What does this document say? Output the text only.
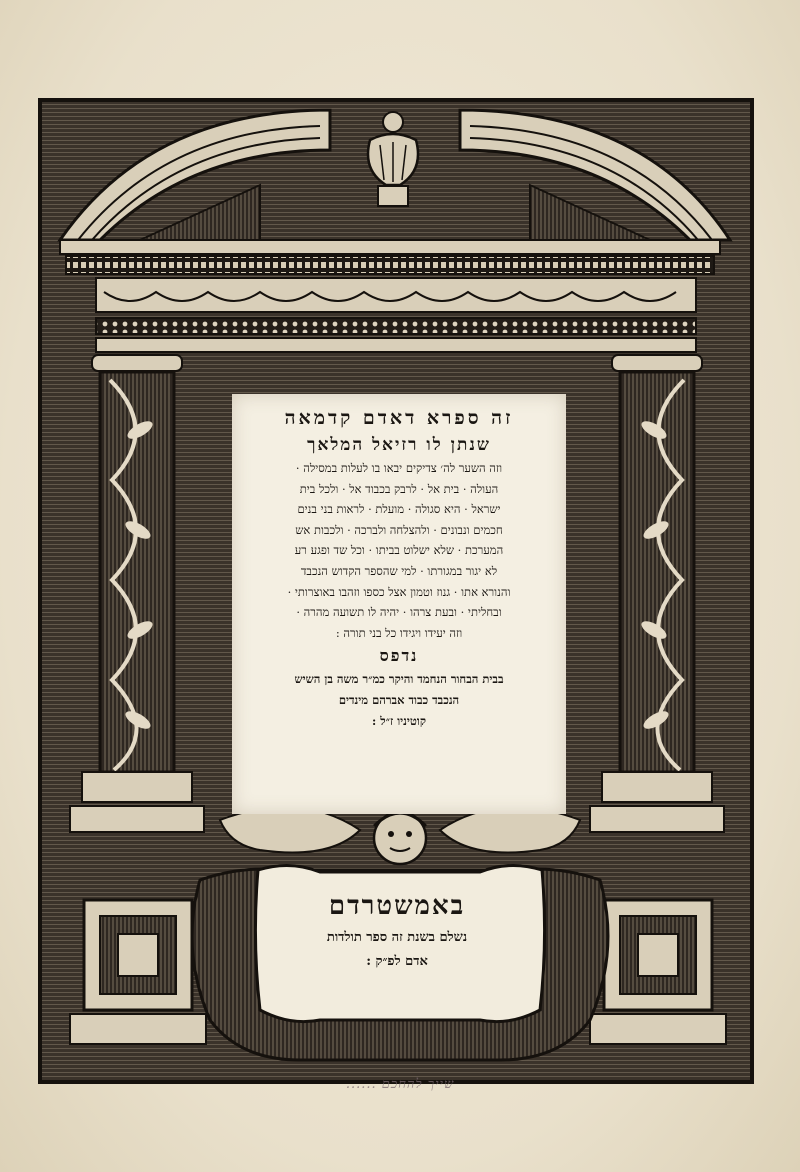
זה ספרא דאדם קדמאה
שנתן לו רזיאל המלאך
וזה השער לה׳ צדיקים יבאו בו לעלות במסילה ·
העולה · בית אל · לרבק בכבוד אל · ולכל בית
ישראל · היא סגולה · מועלת · לראות בני בנים
חכמים ונבונים · ולהצלחה ולברכה · ולכבות אש
המערכת · שלא ישלוט בביתו · וכל שד ופגע רע
לא יגור במגורתו · למי שהספר הקדוש הנכבד
והנורא אתו · גנוז וטמון אצל כספו וזהבו באוצרותי ·
ובחליתי · ובעת צרהו · יהיה לו תשועה מהרה ·
וזה יעידו ויגידו כל בני תורה :
נדפס
בבית הבחור הנחמד והיקר כמ״ר משה בן השיש
הנכבד כבוד אברהם מינדים
קוטיניו ז״ל :
באמשטרדם
נשלם בשנת זה ספר תולדות
אדם לפ״ק :
שייך להחכם ......
